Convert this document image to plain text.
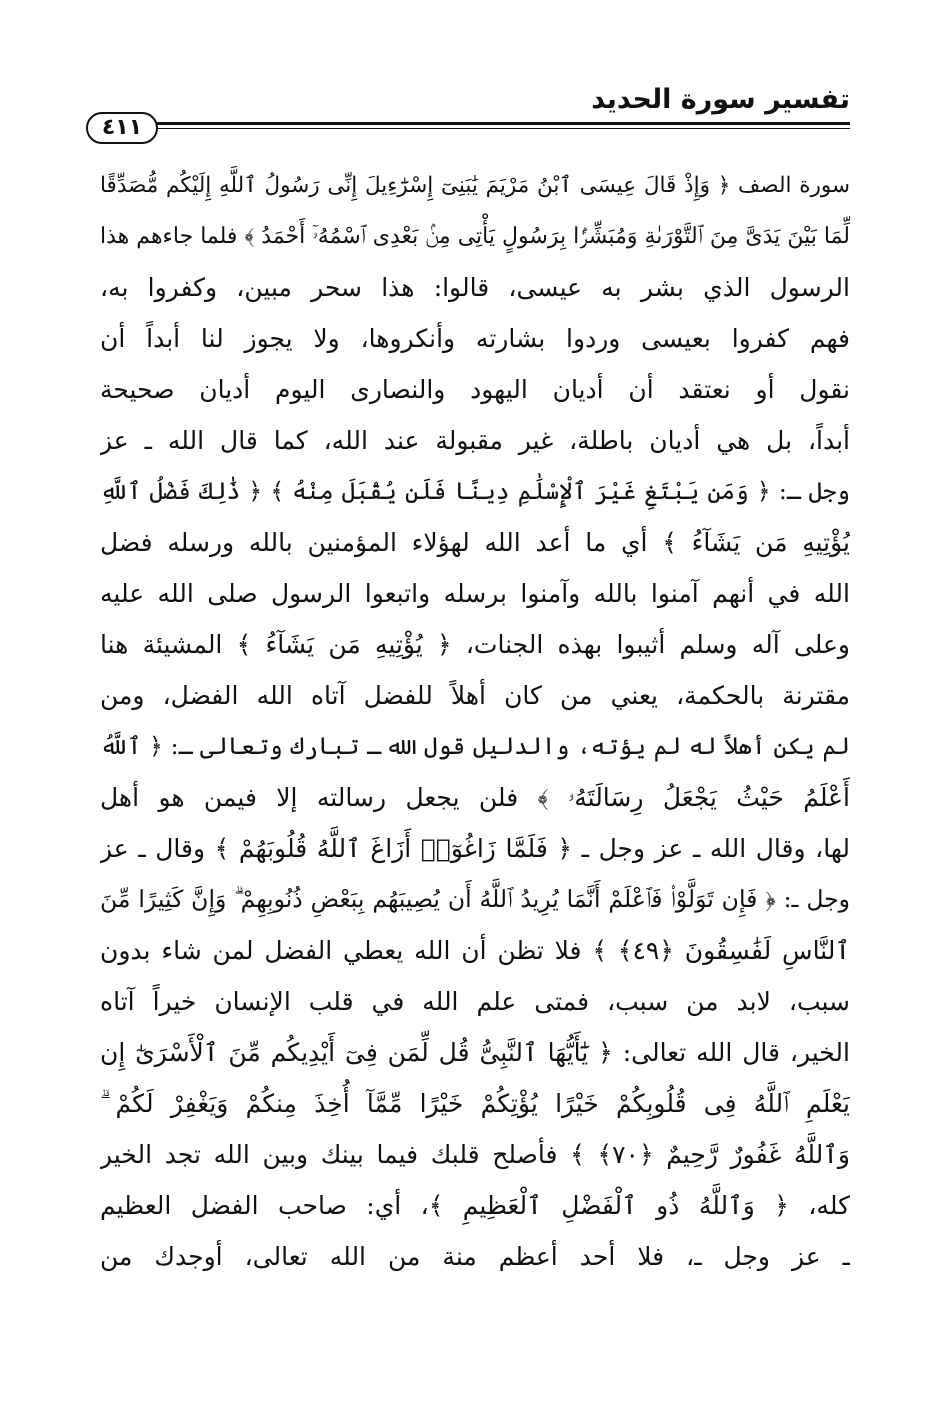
تفسير سورة الحديد
٤١١
سورة الصف ﴿ وَإِذْ قَالَ عِيسَى ٱبْنُ مَرْيَمَ يَٰبَنِىٓ إِسْرَٰٓءِيلَ إِنِّى رَسُولُ ٱللَّهِ إِلَيْكُم مُّصَدِّقًا
لِّمَا بَيْنَ يَدَىَّ مِنَ ٱلتَّوْرَىٰةِ وَمُبَشِّرًۢا بِرَسُولٍ يَأْتِى مِنۢ بَعْدِى ٱسْمُهُۥٓ أَحْمَدُ ﴾ فلما جاءهم هذا
الرسول الذي بشر به عيسى، قالوا: هذا سحر مبين، وكفروا به،
فهم كفروا بعيسى وردوا بشارته وأنكروها، ولا يجوز لنا أبداً أن
نقول أو نعتقد أن أديان اليهود والنصارى اليوم أديان صحيحة
أبداً، بل هي أديان باطلة، غير مقبولة عند الله، كما قال الله ـ عز
وجل ـ: ﴿ وَمَن يَبْتَغِ غَيْرَ ٱلْإِسْلَٰمِ دِينًا فَلَن يُقْبَلَ مِنْهُ ﴾ ﴿ ذَٰلِكَ فَضْلُ ٱللَّهِ
يُؤْتِيهِ مَن يَشَآءُ ﴾ أي ما أعد الله لهؤلاء المؤمنين بالله ورسله فضل
الله في أنهم آمنوا بالله وآمنوا برسله واتبعوا الرسول صلى الله عليه
وعلى آله وسلم أثيبوا بهذه الجنات، ﴿ يُؤْتِيهِ مَن يَشَآءُ ﴾ المشيئة هنا
مقترنة بالحكمة، يعني من كان أهلاً للفضل آتاه الله الفضل، ومن
لم يكن أهلاً له لم يؤته، والدليل قول الله ـ تبارك وتعالى ـ: ﴿ ٱللَّهُ
أَعْلَمُ حَيْثُ يَجْعَلُ رِسَالَتَهُۥ ﴾ فلن يجعل رسالته إلا فيمن هو أهل
لها، وقال الله ـ عز وجل ـ ﴿ فَلَمَّا زَاغُوٓا۟ أَزَاغَ ٱللَّهُ قُلُوبَهُمْ ﴾ وقال ـ عز
وجل ـ: ﴿ فَإِن تَوَلَّوْا۟ فَٱعْلَمْ أَنَّمَا يُرِيدُ ٱللَّهُ أَن يُصِيبَهُم بِبَعْضِ ذُنُوبِهِمْ ۗ وَإِنَّ كَثِيرًا مِّنَ
ٱلنَّاسِ لَفَٰسِقُونَ ﴿٤٩﴾ ﴾ فلا تظن أن الله يعطي الفضل لمن شاء بدون
سبب، لابد من سبب، فمتى علم الله في قلب الإنسان خيراً آتاه
الخير، قال الله تعالى: ﴿ يَٰٓأَيُّهَا ٱلنَّبِىُّ قُل لِّمَن فِىٓ أَيْدِيكُم مِّنَ ٱلْأَسْرَىٰٓ إِن
يَعْلَمِ ٱللَّهُ فِى قُلُوبِكُمْ خَيْرًا يُؤْتِكُمْ خَيْرًا مِّمَّآ أُخِذَ مِنكُمْ وَيَغْفِرْ لَكُمْ ۗ
وَٱللَّهُ غَفُورٌ رَّحِيمٌ ﴿٧٠﴾ ﴾ فأصلح قلبك فيما بينك وبين الله تجد الخير
كله، ﴿ وَٱللَّهُ ذُو ٱلْفَضْلِ ٱلْعَظِيمِ ﴾، أي: صاحب الفضل العظيم
ـ عز وجل ـ، فلا أحد أعظم منة من الله تعالى، أوجدك من
